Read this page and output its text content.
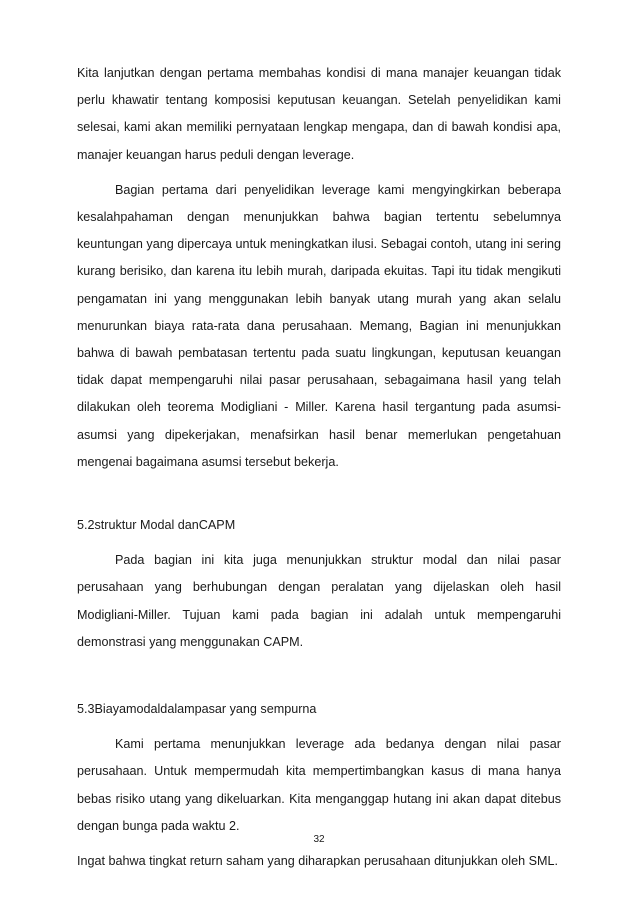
Kita lanjutkan dengan pertama membahas kondisi di mana manajer keuangan tidak perlu khawatir tentang komposisi keputusan keuangan. Setelah penyelidikan kami selesai, kami akan memiliki pernyataan lengkap mengapa, dan di bawah kondisi apa, manajer keuangan harus peduli dengan leverage.

Bagian pertama dari penyelidikan leverage kami mengyingkirkan beberapa kesalahpahaman dengan menunjukkan bahwa bagian tertentu sebelumnya keuntungan yang dipercaya untuk meningkatkan ilusi. Sebagai contoh, utang ini sering kurang berisiko, dan karena itu lebih murah, daripada ekuitas. Tapi itu tidak mengikuti pengamatan ini yang menggunakan lebih banyak utang murah yang akan selalu menurunkan biaya rata-rata dana perusahaan. Memang, Bagian ini menunjukkan bahwa di bawah pembatasan tertentu pada suatu lingkungan, keputusan keuangan tidak dapat mempengaruhi nilai pasar perusahaan, sebagaimana hasil yang telah dilakukan oleh teorema Modigliani - Miller. Karena hasil tergantung pada asumsi-asumsi yang dipekerjakan, menafsirkan hasil benar memerlukan pengetahuan mengenai bagaimana asumsi tersebut bekerja.

5.2struktur Modal danCAPM

Pada bagian ini kita juga menunjukkan struktur modal dan nilai pasar perusahaan yang berhubungan dengan peralatan yang dijelaskan oleh hasil Modigliani-Miller. Tujuan kami pada bagian ini adalah untuk mempengaruhi demonstrasi yang menggunakan CAPM.

5.3Biayamodaldalampasar yang sempurna

Kami pertama menunjukkan leverage ada bedanya dengan nilai pasar perusahaan. Untuk mempermudah kita mempertimbangkan kasus di mana hanya bebas risiko utang yang dikeluarkan. Kita menganggap hutang ini akan dapat ditebus dengan bunga pada waktu 2.

Ingat bahwa tingkat return saham yang diharapkan perusahaan ditunjukkan oleh SML.

32
